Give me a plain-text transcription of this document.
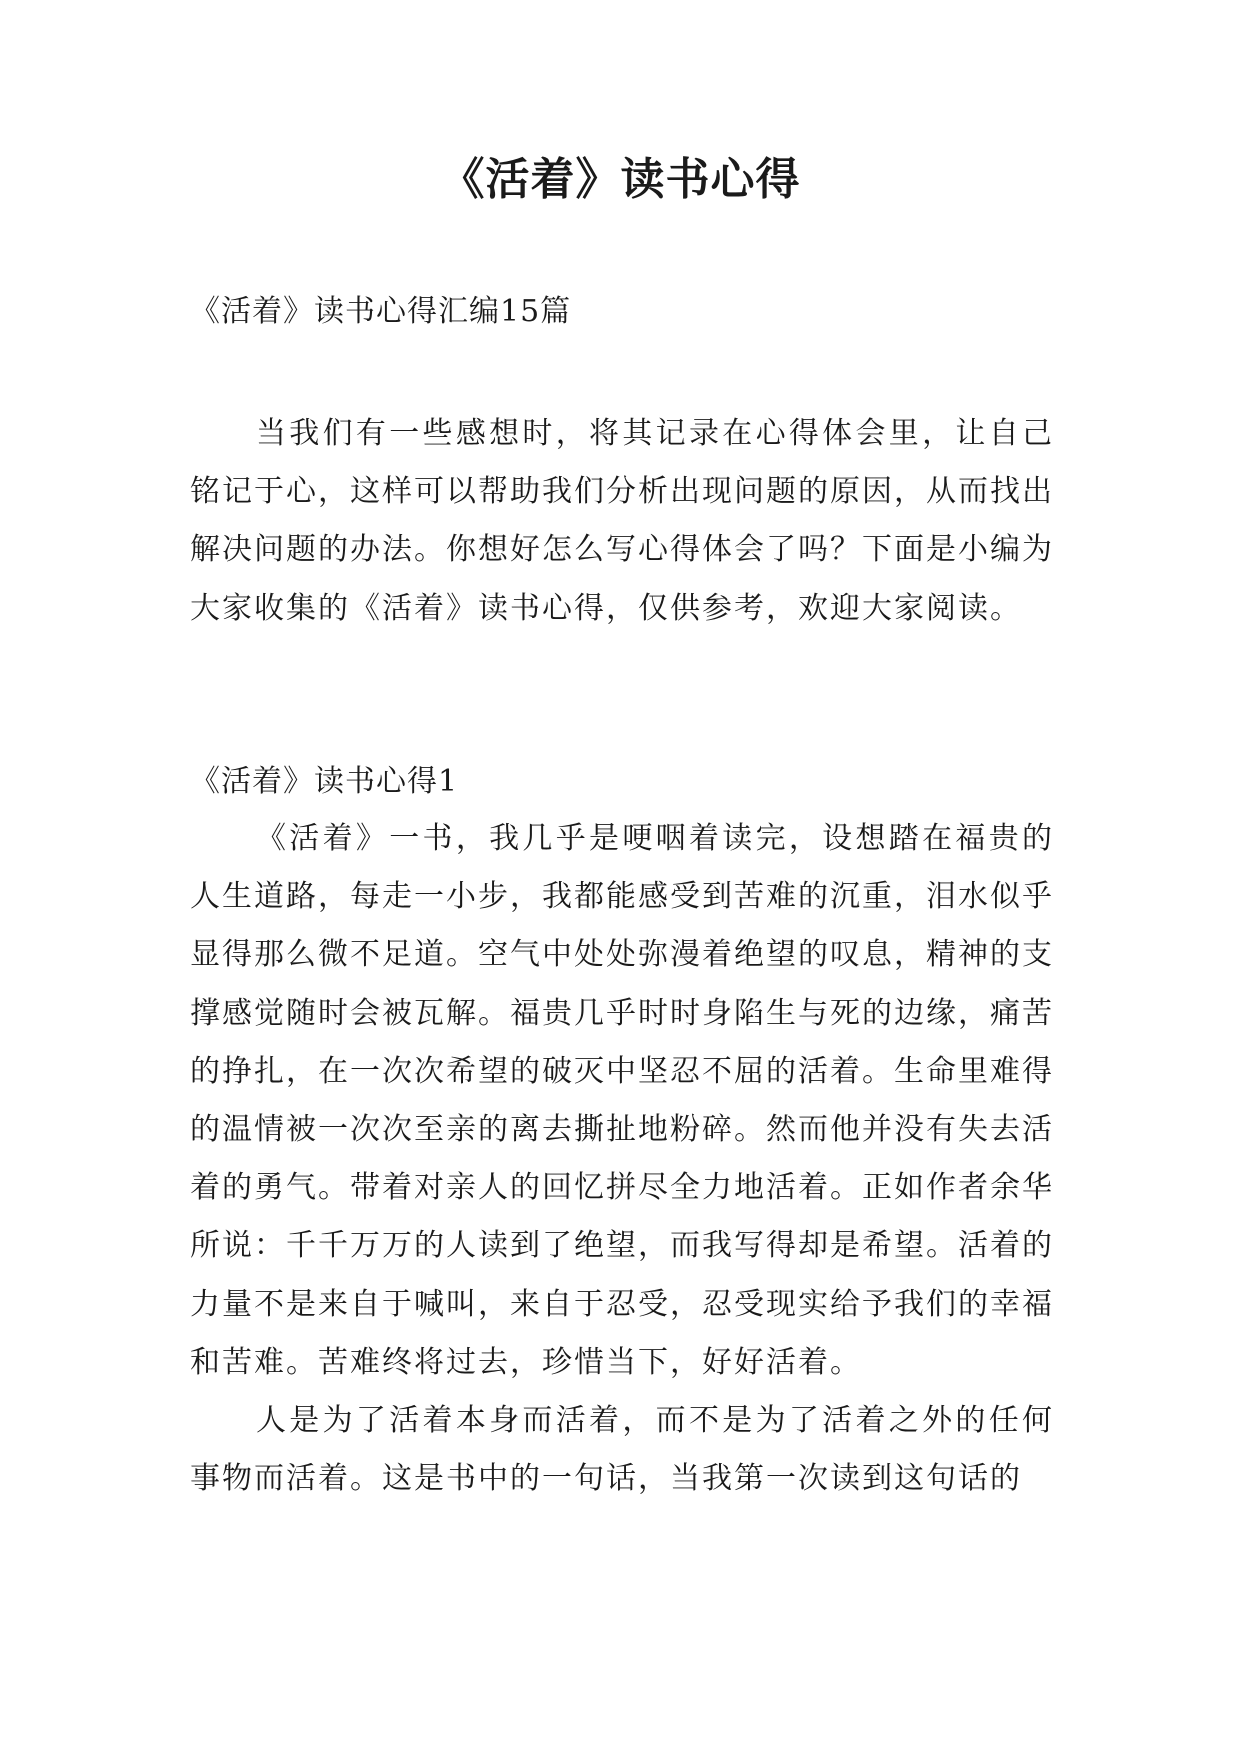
《活着》读书心得

《活着》读书心得汇编15篇

当我们有一些感想时，将其记录在心得体会里，让自己铭记于心，这样可以帮助我们分析出现问题的原因，从而找出解决问题的办法。你想好怎么写心得体会了吗？下面是小编为大家收集的《活着》读书心得，仅供参考，欢迎大家阅读。

《活着》读书心得1

《活着》一书，我几乎是哽咽着读完，设想踏在福贵的人生道路，每走一小步，我都能感受到苦难的沉重，泪水似乎显得那么微不足道。空气中处处弥漫着绝望的叹息，精神的支撑感觉随时会被瓦解。福贵几乎时时身陷生与死的边缘，痛苦的挣扎，在一次次希望的破灭中坚忍不屈的活着。生命里难得的温情被一次次至亲的离去撕扯地粉碎。然而他并没有失去活着的勇气。带着对亲人的回忆拼尽全力地活着。正如作者余华所说：千千万万的人读到了绝望，而我写得却是希望。活着的力量不是来自于喊叫，来自于忍受，忍受现实给予我们的幸福和苦难。苦难终将过去，珍惜当下，好好活着。

人是为了活着本身而活着，而不是为了活着之外的任何事物而活着。这是书中的一句话，当我第一次读到这句话的
